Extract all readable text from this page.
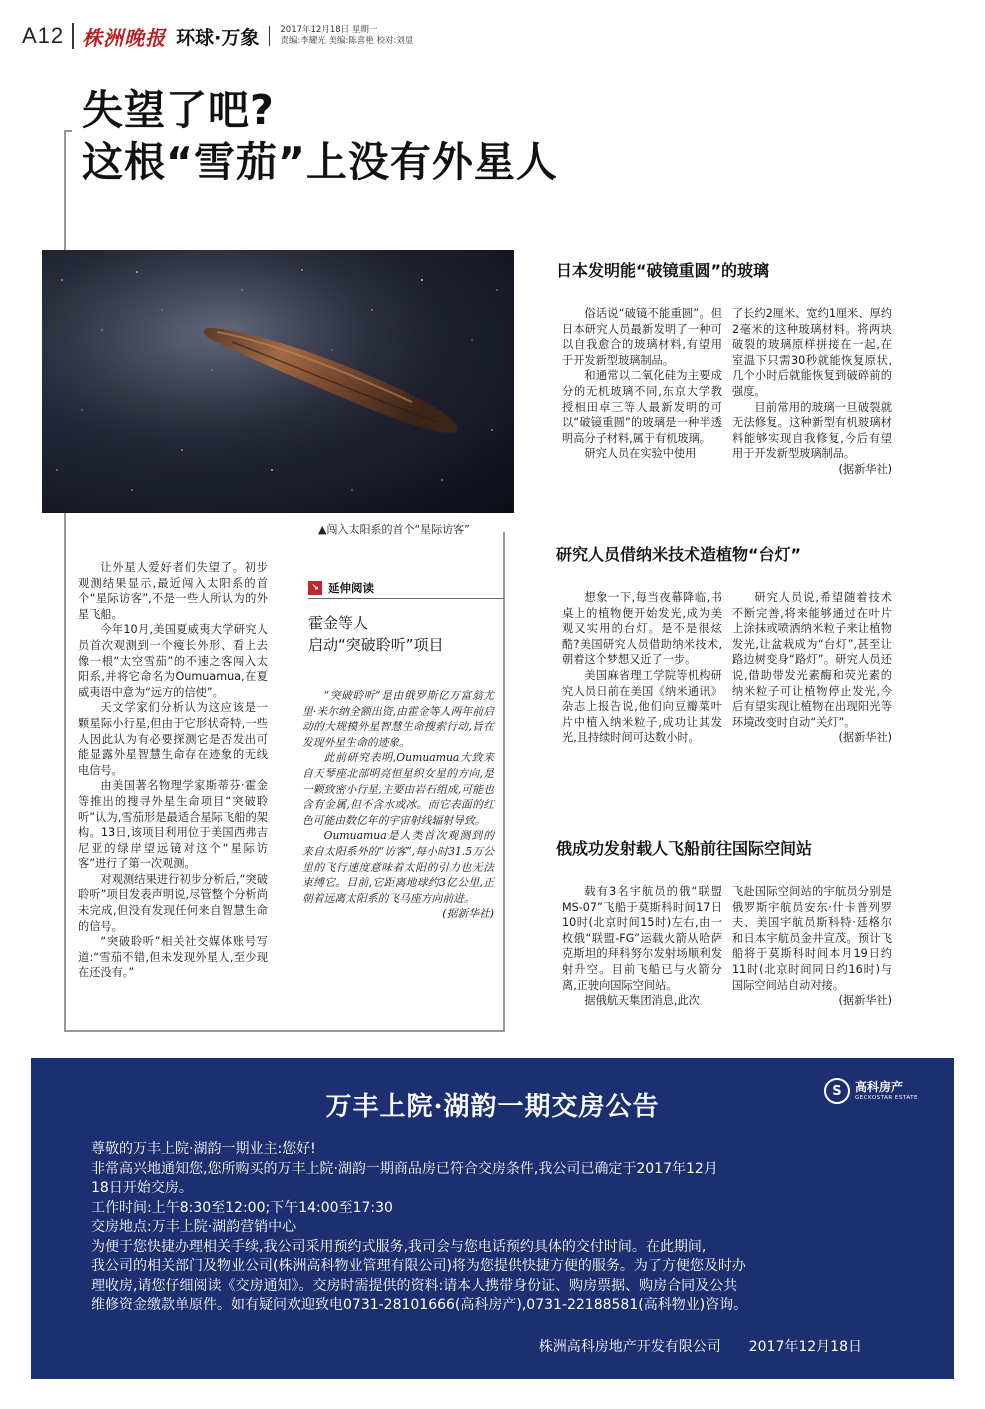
A12 株洲晚报 环球·万象 2017年12月18日 星期一
责编:李耀光 美编:陈喜艳 校对:刘显
失望了吧?
这根“雪茄”上没有外星人
▲闯入太阳系的首个“星际访客”

让外星人爱好者们失望了。初步观测结果显示,最近闯入太阳系的首个“星际访客”,不是一些人所认为的外星飞船。

今年10月,美国夏威夷大学研究人员首次观测到一个瘦长外形、看上去像一根“太空雪茄”的不速之客闯入太阳系,并将它命名为Oumuamua,在夏威夷语中意为“远方的信使”。

天文学家们分析认为这应该是一颗星际小行星,但由于它形状奇特,一些人因此认为有必要探测它是否发出可能显露外星智慧生命存在迹象的无线电信号。

由美国著名物理学家斯蒂芬·霍金等推出的搜寻外星生命项目“突破聆听”认为,雪茄形是最适合星际飞船的架构。13日,该项目利用位于美国西弗吉尼亚的绿岸望远镜对这个“星际访客”进行了第一次观测。

对观测结果进行初步分析后,“突破聆听”项目发表声明说,尽管整个分析尚未完成,但没有发现任何来自智慧生命的信号。

“突破聆听”相关社交媒体账号写道:“雪茄不错,但未发现外星人,至少现在还没有。”

↘ 延伸阅读
霍金等人
启动“突破聆听”项目

“突破聆听”是由俄罗斯亿万富翁尤里·米尔纳全额出资,由霍金等人两年前启动的大规模外星智慧生命搜索行动,旨在发现外星生命的迹象。

此前研究表明,Oumuamua大致来自天琴座北部明亮恒星织女星的方向,是一颗致密小行星,主要由岩石组成,可能也含有金属,但不含水或冰。而它表面的红色可能由数亿年的宇宙射线辐射导致。

Oumuamua是人类首次观测到的来自太阳系外的“访客”,每小时31.5万公里的飞行速度意味着太阳的引力也无法束缚它。目前,它距离地球约3亿公里,正朝着远离太阳系的飞马座方向前进。

(据新华社)

日本发明能“破镜重圆”的玻璃

俗话说“破镜不能重圆”。但日本研究人员最新发明了一种可以自我愈合的玻璃材料,有望用于开发新型玻璃制品。

和通常以二氧化硅为主要成分的无机玻璃不同,东京大学教授相田卓三等人最新发明的可以“破镜重圆”的玻璃是一种半透明高分子材料,属于有机玻璃。

研究人员在实验中使用

了长约2厘米、宽约1厘米、厚约2毫米的这种玻璃材料。将两块破裂的玻璃原样拼接在一起,在室温下只需30秒就能恢复原状,几个小时后就能恢复到破碎前的强度。

目前常用的玻璃一旦破裂就无法修复。这种新型有机玻璃材料能够实现自我修复,今后有望用于开发新型玻璃制品。

(据新华社)

研究人员借纳米技术造植物“台灯”

想象一下,每当夜幕降临,书桌上的植物便开始发光,成为美观又实用的台灯。是不是很炫酷?美国研究人员借助纳米技术,朝着这个梦想又近了一步。

美国麻省理工学院等机构研究人员日前在美国《纳米通讯》杂志上报告说,他们向豆瓣菜叶片中植入纳米粒子,成功让其发光,且持续时间可达数小时。

研究人员说,希望随着技术不断完善,将来能够通过在叶片上涂抹或喷洒纳米粒子来让植物发光,让盆栽成为“台灯”,甚至让路边树变身“路灯”。研究人员还说,借助带发光素酶和荧光素的纳米粒子可让植物停止发光,今后有望实现让植物在出现阳光等环境改变时自动“关灯”。

(据新华社)

俄成功发射载人飞船前往国际空间站

载有3名宇航员的俄“联盟MS-07”飞船于莫斯科时间17日10时(北京时间15时)左右,由一枚俄“联盟-FG”运载火箭从哈萨克斯坦的拜科努尔发射场顺利发射升空。目前飞船已与火箭分离,正驶向国际空间站。

据俄航天集团消息,此次

飞赴国际空间站的宇航员分别是俄罗斯宇航员安东·什卡普列罗夫、美国宇航员斯科特·廷格尔和日本宇航员金井宣茂。预计飞船将于莫斯科时间本月19日约11时(北京时间同日约16时)与国际空间站自动对接。

(据新华社)

S	高科房产
GECKOSTAR ESTATE
万丰上院·湖韵一期交房公告
尊敬的万丰上院·湖韵一期业主:您好!
非常高兴地通知您,您所购买的万丰上院·湖韵一期商品房已符合交房条件,我公司已确定于2017年12月
18日开始交房。
工作时间:上午8:30至12:00;下午14:00至17:30
交房地点:万丰上院·湖韵营销中心
为便于您快捷办理相关手续,我公司采用预约式服务,我司会与您电话预约具体的交付时间。在此期间,
我公司的相关部门及物业公司(株洲高科物业管理有限公司)将为您提供快捷方便的服务。为了方便您及时办
理收房,请您仔细阅读《交房通知》。交房时需提供的资料:请本人携带身份证、购房票据、购房合同及公共
维修资金缴款单原件。如有疑问欢迎致电0731-28101666(高科房产),0731-22188581(高科物业)咨询。
株洲高科房地产开发有限公司　　2017年12月18日
